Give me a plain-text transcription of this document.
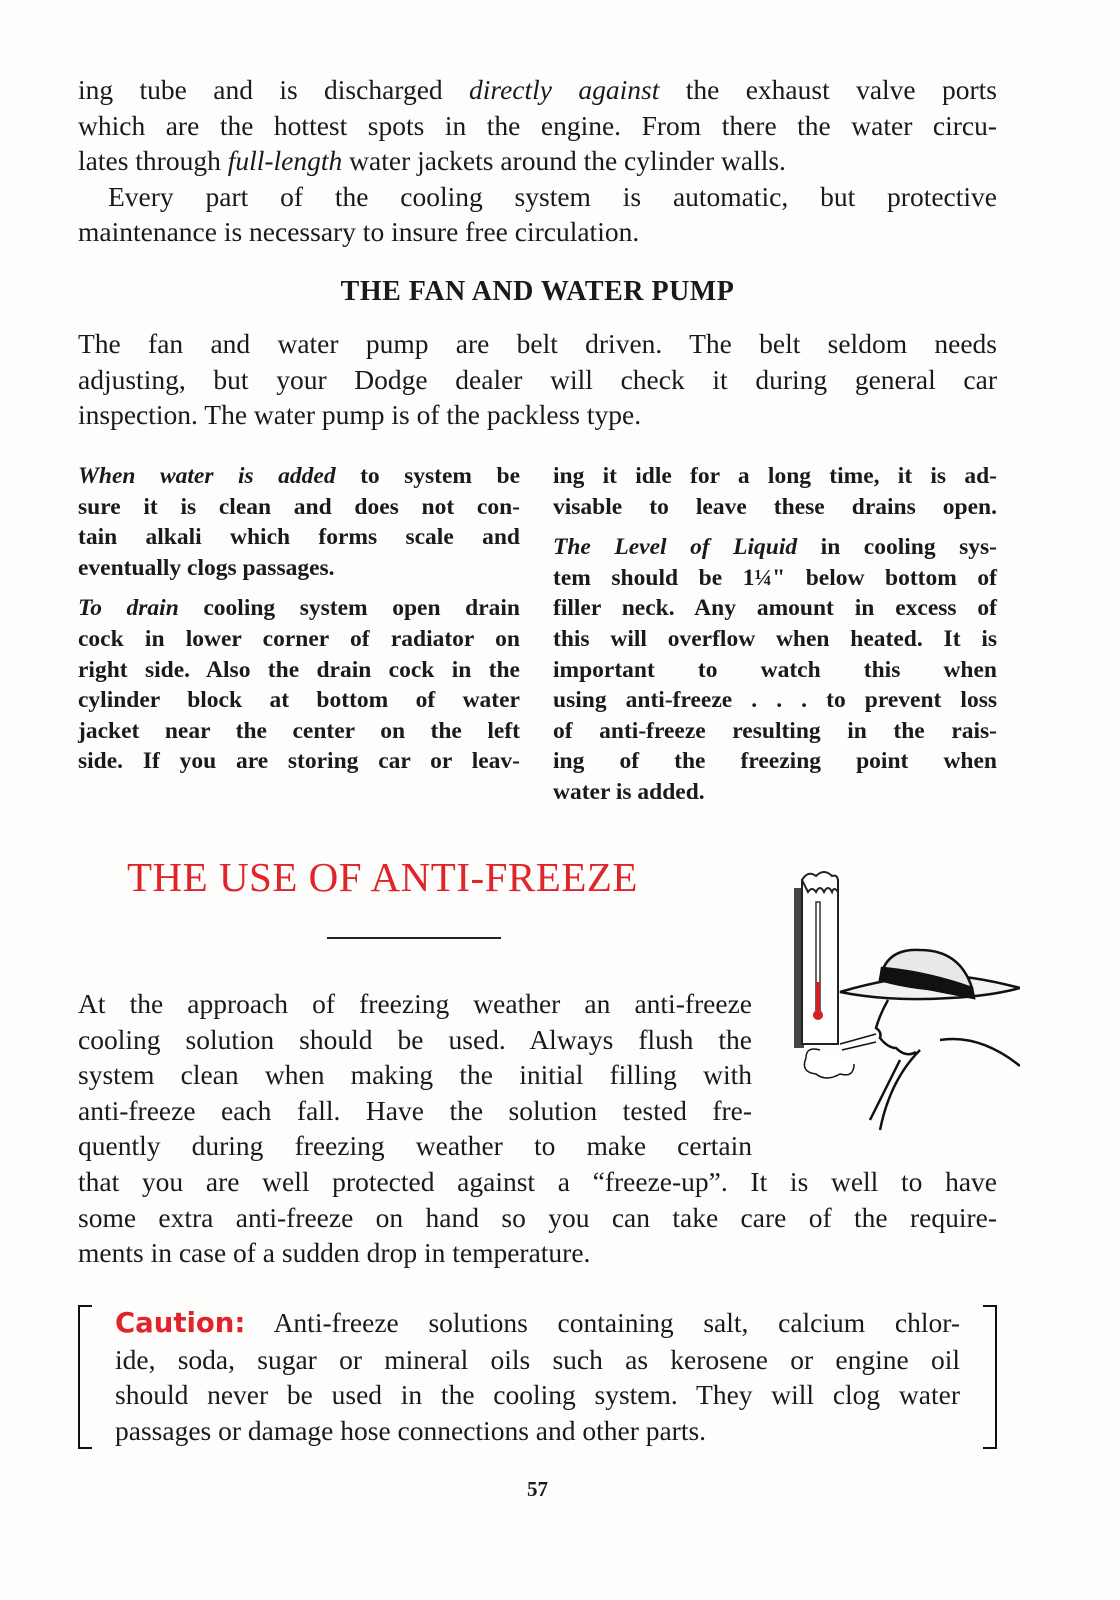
ing tube and is discharged directly against the exhaust valve ports
which are the hottest spots in the engine. From there the water circu-
lates through full-length water jackets around the cylinder walls.
Every part of the cooling system is automatic, but protective
maintenance is necessary to insure free circulation.
THE FAN AND WATER PUMP
The fan and water pump are belt driven. The belt seldom needs
adjusting, but your Dodge dealer will check it during general car
inspection. The water pump is of the packless type.
When water is added to system be
sure it is clean and does not con-
tain alkali which forms scale and
eventually clogs passages.
To drain cooling system open drain
cock in lower corner of radiator on
right side. Also the drain cock in the
cylinder block at bottom of water
jacket near the center on the left
side. If you are storing car or leav-
ing it idle for a long time, it is ad-
visable to leave these drains open.
The Level of Liquid in cooling sys-
tem should be 1¼" below bottom of
filler neck. Any amount in excess of
this will overflow when heated. It is
important to watch this when
using anti-freeze . . . to prevent loss
of anti-freeze resulting in the rais-
ing of the freezing point when
water is added.
THE USE OF ANTI-FREEZE
At the approach of freezing weather an anti-freeze
cooling solution should be used. Always flush the
system clean when making the initial filling with
anti-freeze each fall. Have the solution tested fre-
quently during freezing weather to make certain
that you are well protected against a “freeze-up”. It is well to have
some extra anti-freeze on hand so you can take care of the require-
ments in case of a sudden drop in temperature.
Caution: Anti-freeze solutions containing salt, calcium chlor-
ide, soda, sugar or mineral oils such as kerosene or engine oil
should never be used in the cooling system. They will clog water
passages or damage hose connections and other parts.
57
